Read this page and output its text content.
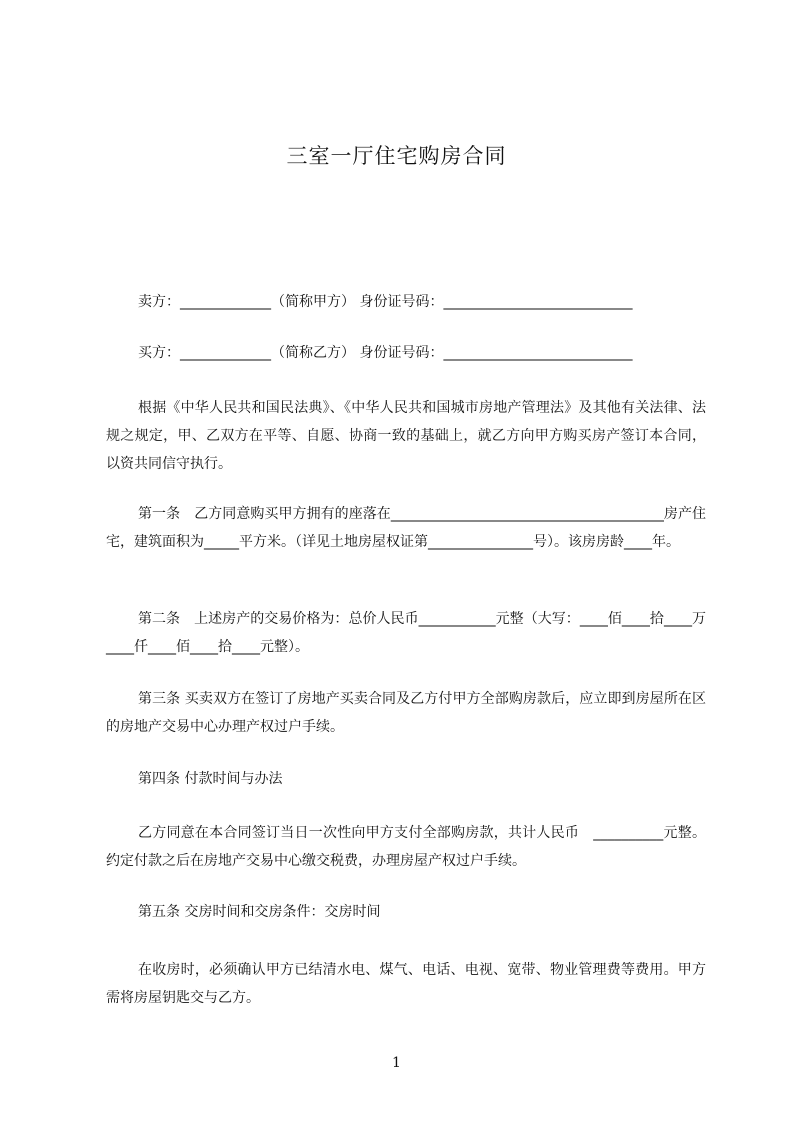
三室一厅住宅购房合同
卖方：_____________（简称甲方） 身份证号码：___________________________
买方：_____________（简称乙方） 身份证号码：___________________________
根据《中华人民共和国民法典》、《中华人民共和国城市房地产管理法》及其他有关法律、法规之规定，甲、乙双方在平等、自愿、协商一致的基础上，就乙方向甲方购买房产签订本合同，以资共同信守执行。
第一条　乙方同意购买甲方拥有的座落在_______________________________________房产住宅，建筑面积为_____平方米。（详见土地房屋权证第_______________号）。该房房龄____年。
第二条　上述房产的交易价格为：总价人民币___________元整（大写：____佰____拾____万____仟____佰____拾____元整）。
第三条 买卖双方在签订了房地产买卖合同及乙方付甲方全部购房款后，应立即到房屋所在区的房地产交易中心办理产权过户手续。
第四条 付款时间与办法
乙方同意在本合同签订当日一次性向甲方支付全部购房款，共计人民币　__________元整。约定付款之后在房地产交易中心缴交税费，办理房屋产权过户手续。
第五条 交房时间和交房条件：交房时间
在收房时，必须确认甲方已结清水电、煤气、电话、电视、宽带、物业管理费等费用。甲方需将房屋钥匙交与乙方。
1
